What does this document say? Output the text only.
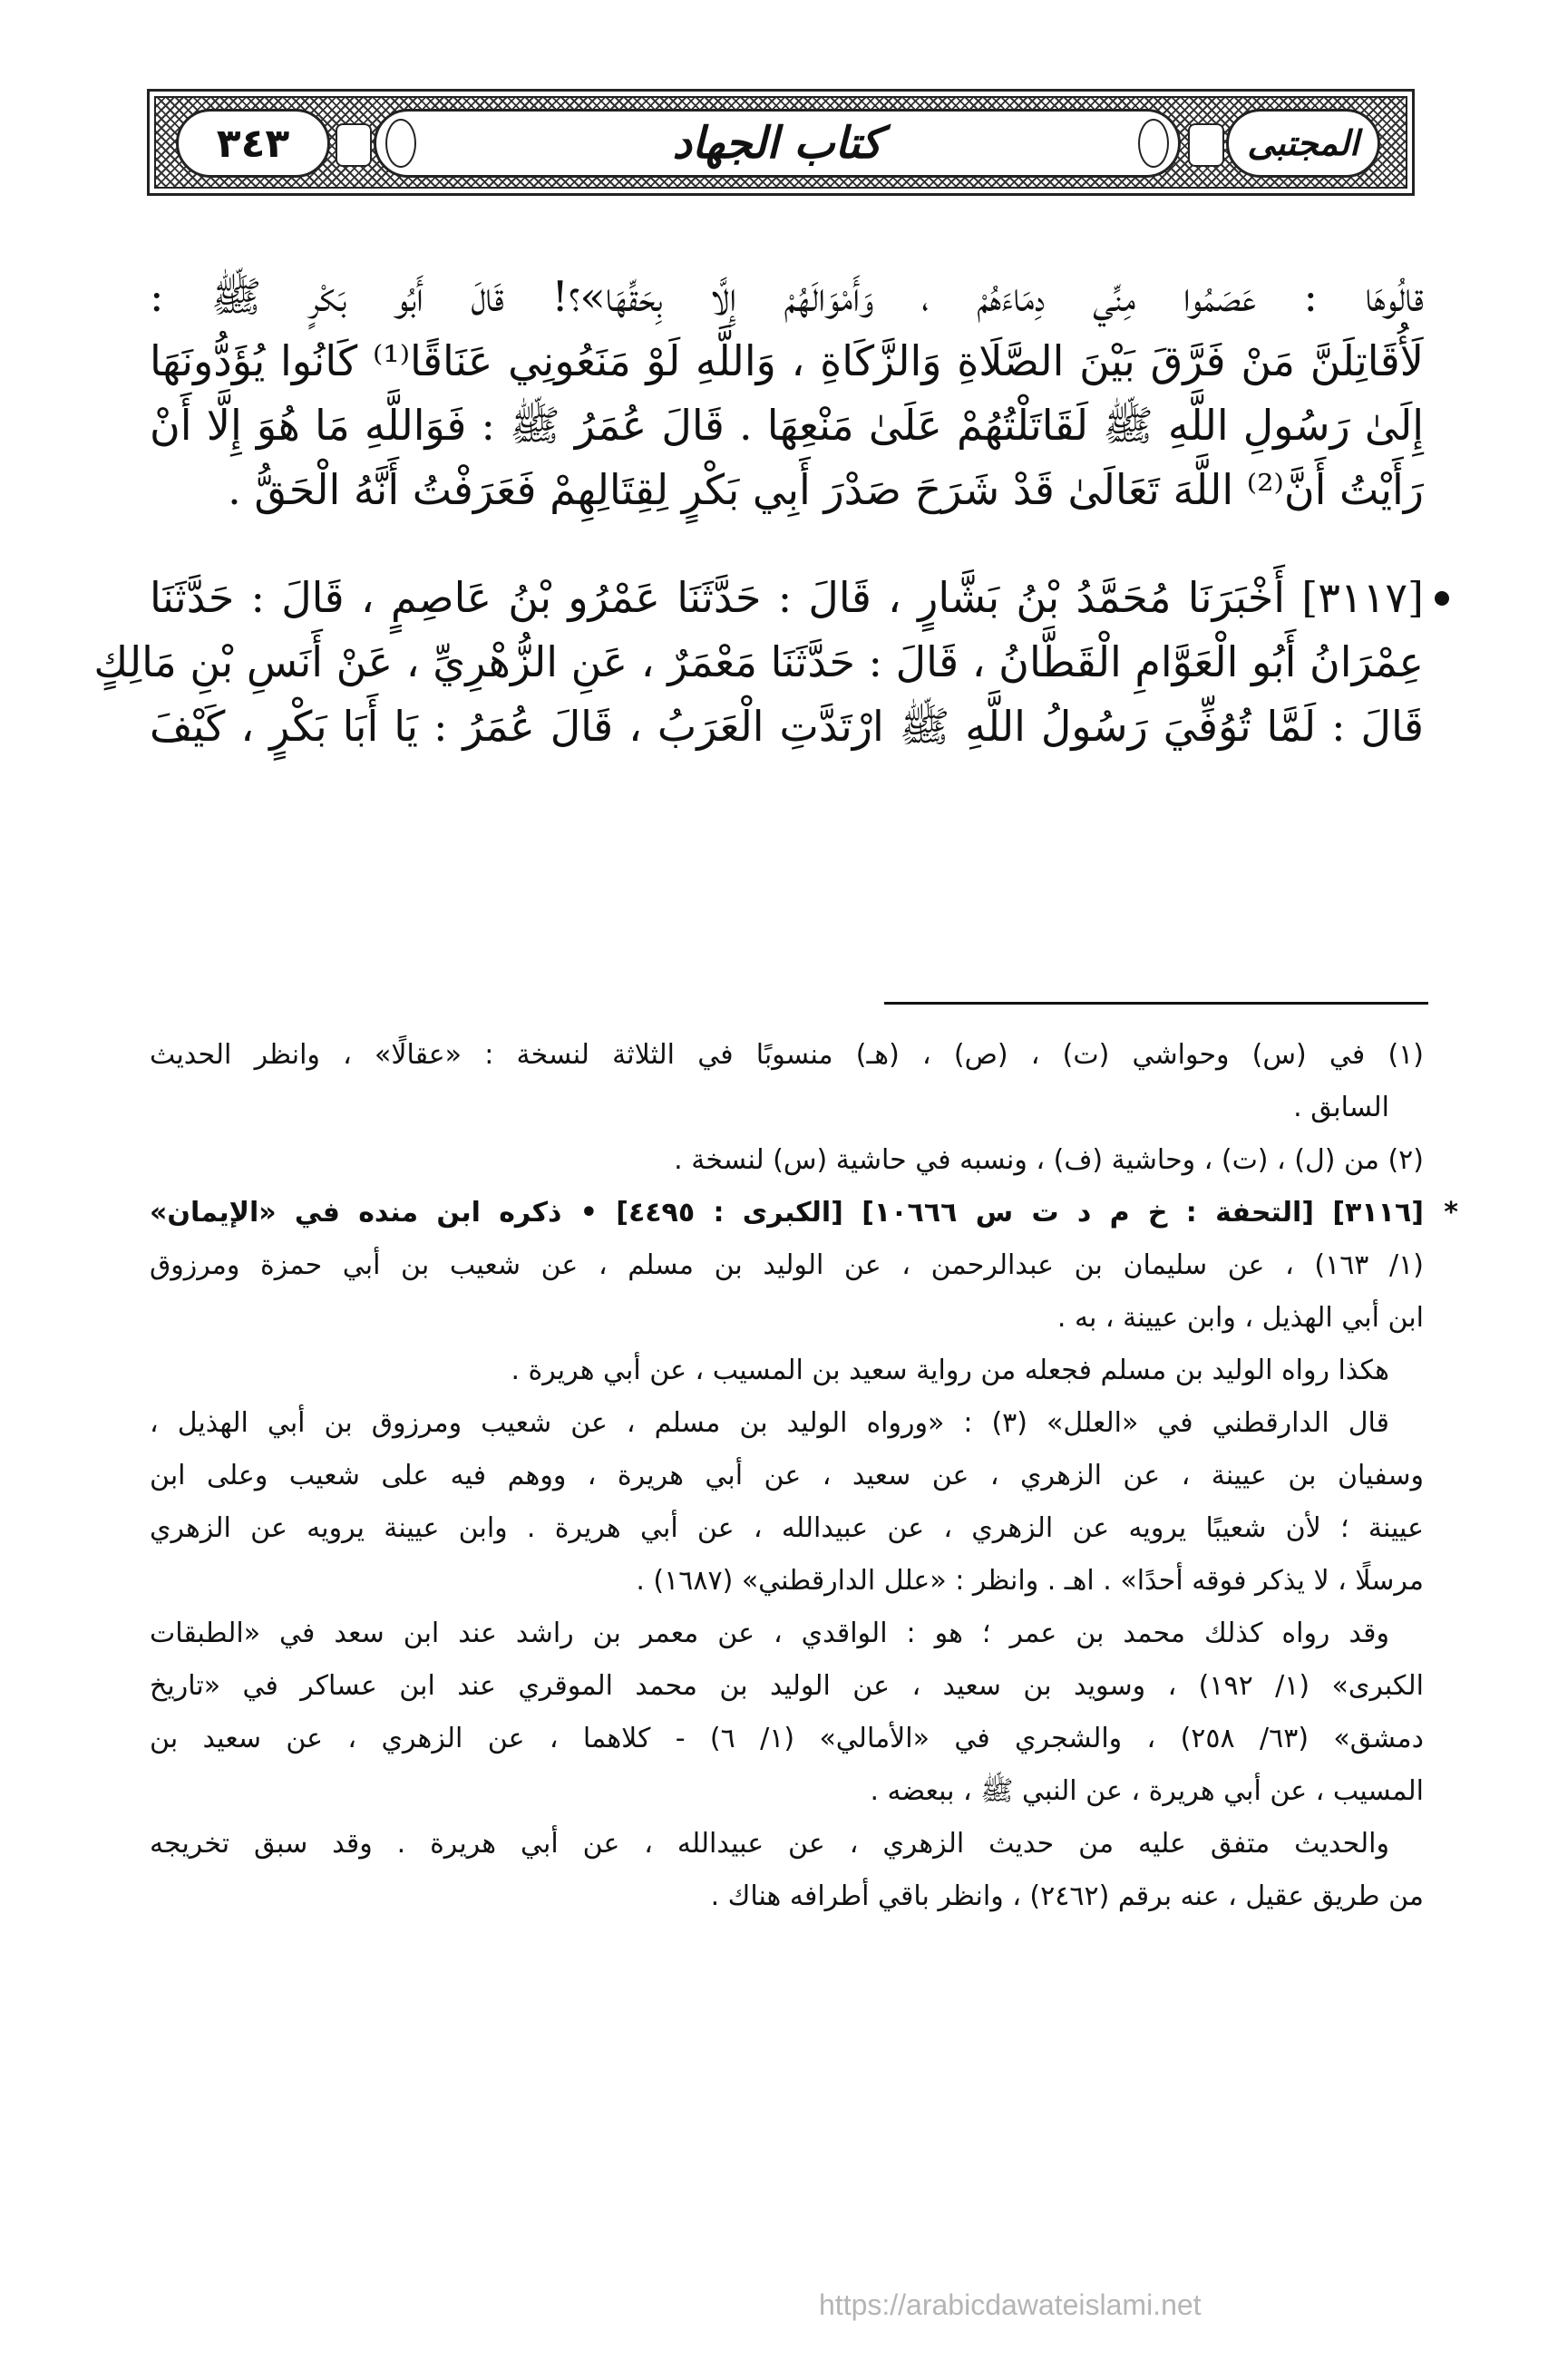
٣٤٣	كتاب الجهاد	المجتبى
قالُوهَا : عَصَمُوا مِنِّي دِمَاءَهُمْ ، وَأَمْوَالَهُمْ إِلَّا بِحَقِّهَا»؟! قَالَ أَبُو بَكْرٍ ﷺ :
لَأُقَاتِلَنَّ مَنْ فَرَّقَ بَيْنَ الصَّلَاةِ وَالزَّكَاةِ ، وَاللَّهِ لَوْ مَنَعُونِي عَنَاقًا⁽¹⁾ كَانُوا يُؤَدُّونَهَا
إِلَىٰ رَسُولِ اللَّهِ ﷺ لَقَاتَلْتُهُمْ عَلَىٰ مَنْعِهَا . قَالَ عُمَرُ ﷺ : فَوَاللَّهِ مَا هُوَ إِلَّا أَنْ
رَأَيْتُ أَنَّ⁽²⁾ اللَّهَ تَعَالَىٰ قَدْ شَرَحَ صَدْرَ أَبِي بَكْرٍ لِقِتَالِهِمْ فَعَرَفْتُ أَنَّهُ الْحَقُّ .
[٣١١٧] أَخْبَرَنَا مُحَمَّدُ بْنُ بَشَّارٍ ، قَالَ : حَدَّثَنَا عَمْرُو بْنُ عَاصِمٍ ، قَالَ : حَدَّثَنَا
عِمْرَانُ أَبُو الْعَوَّامِ الْقَطَّانُ ، قَالَ : حَدَّثَنَا مَعْمَرٌ ، عَنِ الزُّهْرِيِّ ، عَنْ أَنَسِ بْنِ مَالِكٍ
قَالَ : لَمَّا تُوُفِّيَ رَسُولُ اللَّهِ ﷺ ارْتَدَّتِ الْعَرَبُ ، قَالَ عُمَرُ : يَا أَبَا بَكْرٍ ، كَيْفَ
(١) في (س) وحواشي (ت) ، (ص) ، (هـ) منسوبًا في الثلاثة لنسخة : «عقالًا» ، وانظر الحديث
السابق .
(٢) من (ل) ، (ت) ، وحاشية (ف) ، ونسبه في حاشية (س) لنسخة .
*
[٣١١٦] [التحفة : خ م د ت س ١٠٦٦٦] [الكبرى : ٤٤٩٥] • ذكره ابن منده في «الإيمان»
(١/ ١٦٣) ، عن سليمان بن عبدالرحمن ، عن الوليد بن مسلم ، عن شعيب بن أبي حمزة ومرزوق
ابن أبي الهذيل ، وابن عيينة ، به .
هكذا رواه الوليد بن مسلم فجعله من رواية سعيد بن المسيب ، عن أبي هريرة .
قال الدارقطني في «العلل» (٣) : «ورواه الوليد بن مسلم ، عن شعيب ومرزوق بن أبي الهذيل ،
وسفيان بن عيينة ، عن الزهري ، عن سعيد ، عن أبي هريرة ، ووهم فيه على شعيب وعلى ابن
عيينة ؛ لأن شعيبًا يرويه عن الزهري ، عن عبيدالله ، عن أبي هريرة . وابن عيينة يرويه عن الزهري
مرسلًا ، لا يذكر فوقه أحدًا» . اهـ . وانظر : «علل الدارقطني» (١٦٨٧) .
وقد رواه كذلك محمد بن عمر ؛ هو : الواقدي ، عن معمر بن راشد عند ابن سعد في «الطبقات
الكبرى» (١/ ١٩٢) ، وسويد بن سعيد ، عن الوليد بن محمد الموقري عند ابن عساكر في «تاريخ
دمشق» (٦٣/ ٢٥٨) ، والشجري في «الأمالي» (١/ ٦) - كلاهما ، عن الزهري ، عن سعيد بن
المسيب ، عن أبي هريرة ، عن النبي ﷺ ، ببعضه .
والحديث متفق عليه من حديث الزهري ، عن عبيدالله ، عن أبي هريرة . وقد سبق تخريجه
من طريق عقيل ، عنه برقم (٢٤٦٢) ، وانظر باقي أطرافه هناك .
https://arabicdawateislami.net
